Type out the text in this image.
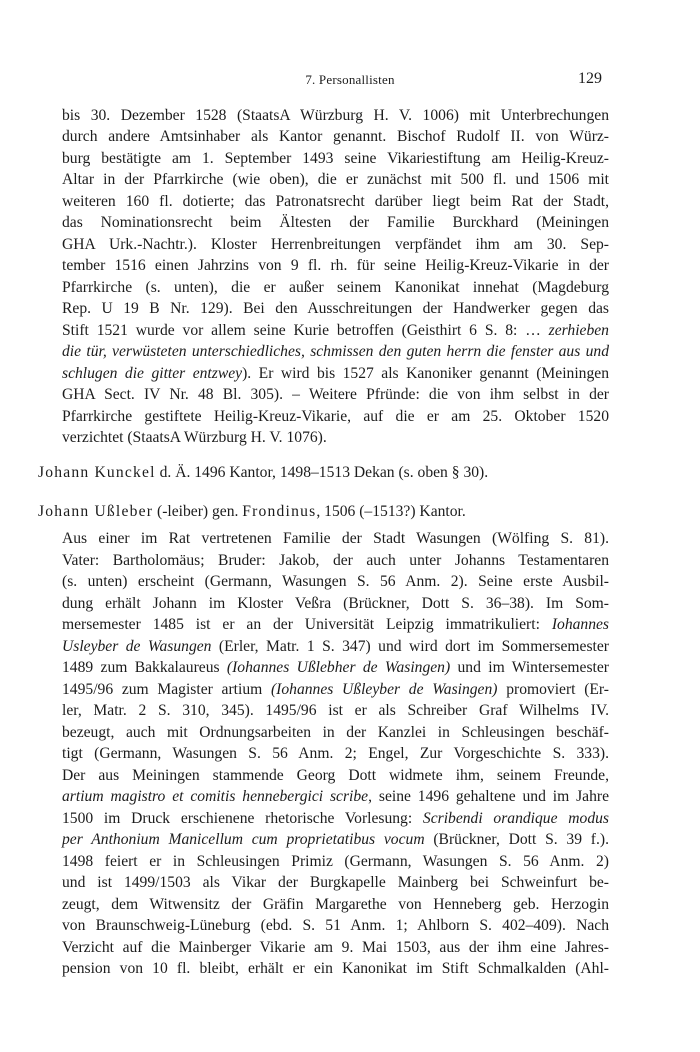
7. Personallisten	129
bis 30. Dezember 1528 (StaatsA Würzburg H. V. 1006) mit Unterbrechungen
durch andere Amtsinhaber als Kantor genannt. Bischof Rudolf II. von Würz-
burg bestätigte am 1. September 1493 seine Vikariestiftung am Heilig-Kreuz-
Altar in der Pfarrkirche (wie oben), die er zunächst mit 500 fl. und 1506 mit
weiteren 160 fl. dotierte; das Patronatsrecht darüber liegt beim Rat der Stadt,
das Nominationsrecht beim Ältesten der Familie Burckhard (Meiningen
GHA Urk.-Nachtr.). Kloster Herrenbreitungen verpfändet ihm am 30. Sep-
tember 1516 einen Jahrzins von 9 fl. rh. für seine Heilig-Kreuz-Vikarie in der
Pfarrkirche (s. unten), die er außer seinem Kanonikat innehat (Magdeburg
Rep. U 19 B Nr. 129). Bei den Ausschreitungen der Handwerker gegen das
Stift 1521 wurde vor allem seine Kurie betroffen (Geisthirt 6 S. 8: … zerhieben
die tür, verwüsteten unterschiedliches, schmissen den guten herrn die fenster aus und
schlugen die gitter entzwey). Er wird bis 1527 als Kanoniker genannt (Meiningen
GHA Sect. IV Nr. 48 Bl. 305). – Weitere Pfründe: die von ihm selbst in der
Pfarrkirche gestiftete Heilig-Kreuz-Vikarie, auf die er am 25. Oktober 1520
verzichtet (StaatsA Würzburg H. V. 1076).
Johann Kunckel d. Ä. 1496 Kantor, 1498–1513 Dekan (s. oben § 30).
Johann Ußleber (-leiber) gen. Frondinus, 1506 (–1513?) Kantor.
Aus einer im Rat vertretenen Familie der Stadt Wasungen (Wölfing S. 81).
Vater: Bartholomäus; Bruder: Jakob, der auch unter Johanns Testamentaren
(s. unten) erscheint (Germann, Wasungen S. 56 Anm. 2). Seine erste Ausbil-
dung erhält Johann im Kloster Veßra (Brückner, Dott S. 36–38). Im Som-
mersemester 1485 ist er an der Universität Leipzig immatrikuliert: Iohannes
Usleyber de Wasungen (Erler, Matr. 1 S. 347) und wird dort im Sommersemester
1489 zum Bakkalaureus (Iohannes Ußlebher de Wasingen) und im Wintersemester
1495/96 zum Magister artium (Iohannes Ußleyber de Wasingen) promoviert (Er-
ler, Matr. 2 S. 310, 345). 1495/96 ist er als Schreiber Graf Wilhelms IV.
bezeugt, auch mit Ordnungsarbeiten in der Kanzlei in Schleusingen beschäf-
tigt (Germann, Wasungen S. 56 Anm. 2; Engel, Zur Vorgeschichte S. 333).
Der aus Meiningen stammende Georg Dott widmete ihm, seinem Freunde,
artium magistro et comitis hennebergici scribe, seine 1496 gehaltene und im Jahre
1500 im Druck erschienene rhetorische Vorlesung: Scribendi orandique modus
per Anthonium Manicellum cum proprietatibus vocum (Brückner, Dott S. 39 f.).
1498 feiert er in Schleusingen Primiz (Germann, Wasungen S. 56 Anm. 2)
und ist 1499/1503 als Vikar der Burgkapelle Mainberg bei Schweinfurt be-
zeugt, dem Witwensitz der Gräfin Margarethe von Henneberg geb. Herzogin
von Braunschweig-Lüneburg (ebd. S. 51 Anm. 1; Ahlborn S. 402–409). Nach
Verzicht auf die Mainberger Vikarie am 9. Mai 1503, aus der ihm eine Jahres-
pension von 10 fl. bleibt, erhält er ein Kanonikat im Stift Schmalkalden (Ahl-
